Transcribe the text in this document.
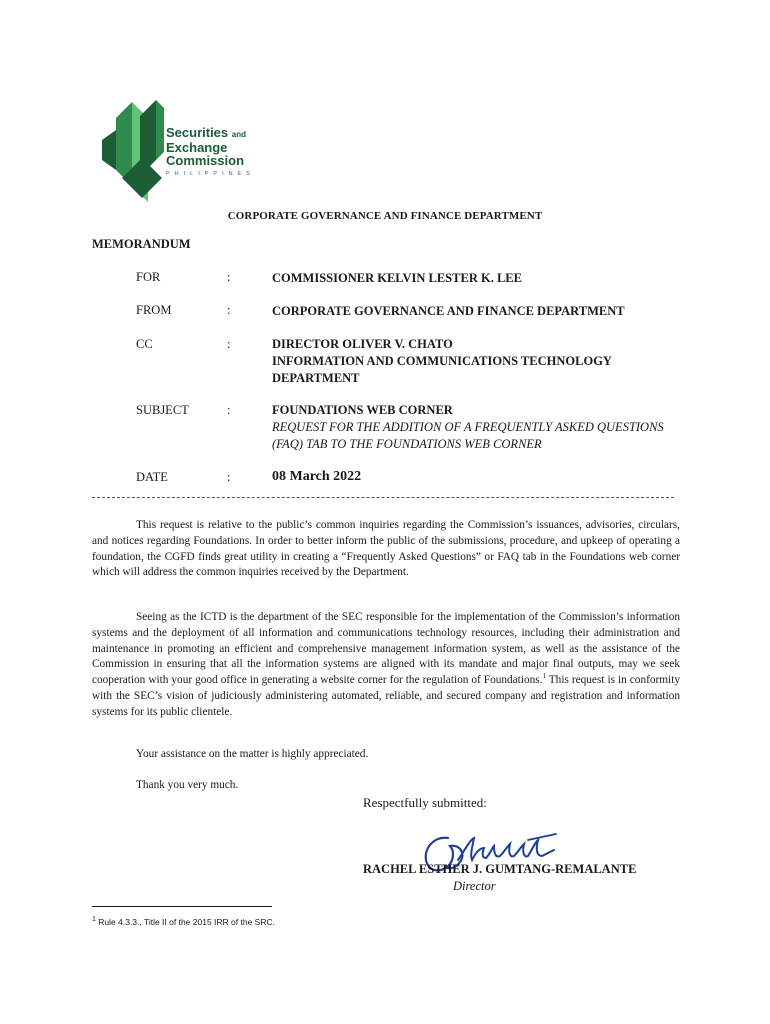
Securities and
Exchange
Commission
PHILIPPINES
CORPORATE GOVERNANCE AND FINANCE DEPARTMENT
MEMORANDUM
FOR	:	COMMISSIONER KELVIN LESTER K. LEE
FROM	:	CORPORATE GOVERNANCE AND FINANCE DEPARTMENT
CC	:	DIRECTOR OLIVER V. CHATO
INFORMATION AND COMMUNICATIONS TECHNOLOGY
DEPARTMENT
SUBJECT	:	FOUNDATIONS WEB CORNER
REQUEST FOR THE ADDITION OF A FREQUENTLY ASKED QUESTIONS
(FAQ) TAB TO THE FOUNDATIONS WEB CORNER
DATE	:	08 March 2022
This request is relative to the public’s common inquiries regarding the Commission’s issuances, advisories, circulars, and notices regarding Foundations. In order to better inform the public of the submissions, procedure, and upkeep of operating a foundation, the CGFD finds great utility in creating a “Frequently Asked Questions” or FAQ tab in the Foundations web corner which will address the common inquiries received by the Department.
Seeing as the ICTD is the department of the SEC responsible for the implementation of the Commission’s information systems and the deployment of all information and communications technology resources, including their administration and maintenance in promoting an efficient and comprehensive management information system, as well as the assistance of the Commission in ensuring that all the information systems are aligned with its mandate and major final outputs, may we seek cooperation with your good office in generating a website corner for the regulation of Foundations.$^1$ This request is in conformity with the SEC’s vision of judiciously administering automated, reliable, and secured company and registration and information systems for its public clientele.
Your assistance on the matter is highly appreciated.
Thank you very much.
Respectfully submitted:
RACHEL ESTHER J. GUMTANG-REMALANTE
Director
$^1$ Rule 4.3.3., Title II of the 2015 IRR of the SRC.
